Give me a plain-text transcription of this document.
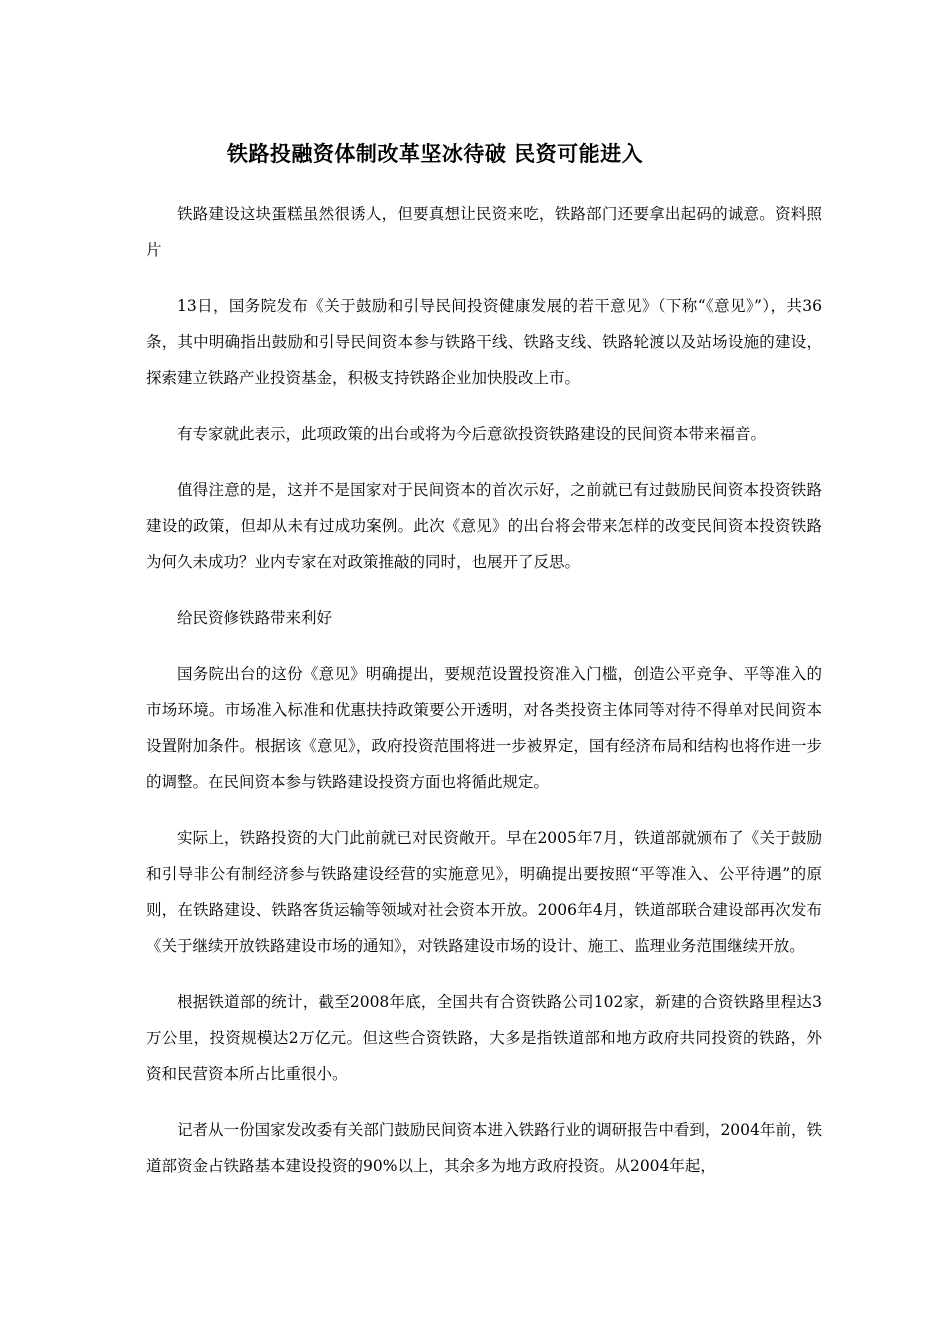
铁路投融资体制改革坚冰待破 民资可能进入

铁路建设这块蛋糕虽然很诱人，但要真想让民资来吃，铁路部门还要拿出起码的诚意。资料照片

13日，国务院发布《关于鼓励和引导民间投资健康发展的若干意见》（下称“《意见》”），共36条，其中明确指出鼓励和引导民间资本参与铁路干线、铁路支线、铁路轮渡以及站场设施的建设，探索建立铁路产业投资基金，积极支持铁路企业加快股改上市。

有专家就此表示，此项政策的出台或将为今后意欲投资铁路建设的民间资本带来福音。

值得注意的是，这并不是国家对于民间资本的首次示好，之前就已有过鼓励民间资本投资铁路建设的政策，但却从未有过成功案例。此次《意见》的出台将会带来怎样的改变民间资本投资铁路为何久未成功？业内专家在对政策推敲的同时，也展开了反思。

给民资修铁路带来利好

国务院出台的这份《意见》明确提出，要规范设置投资准入门槛，创造公平竞争、平等准入的市场环境。市场准入标准和优惠扶持政策要公开透明，对各类投资主体同等对待不得单对民间资本设置附加条件。根据该《意见》，政府投资范围将进一步被界定，国有经济布局和结构也将作进一步的调整。在民间资本参与铁路建设投资方面也将循此规定。

实际上，铁路投资的大门此前就已对民资敞开。早在2005年7月，铁道部就颁布了《关于鼓励和引导非公有制经济参与铁路建设经营的实施意见》，明确提出要按照“平等准入、公平待遇”的原则，在铁路建设、铁路客货运输等领域对社会资本开放。2006年4月，铁道部联合建设部再次发布《关于继续开放铁路建设市场的通知》，对铁路建设市场的设计、施工、监理业务范围继续开放。

根据铁道部的统计，截至2008年底，全国共有合资铁路公司102家，新建的合资铁路里程达3万公里，投资规模达2万亿元。但这些合资铁路，大多是指铁道部和地方政府共同投资的铁路，外资和民营资本所占比重很小。

记者从一份国家发改委有关部门鼓励民间资本进入铁路行业的调研报告中看到，2004年前，铁道部资金占铁路基本建设投资的90%以上，其余多为地方政府投资。从2004年起，
